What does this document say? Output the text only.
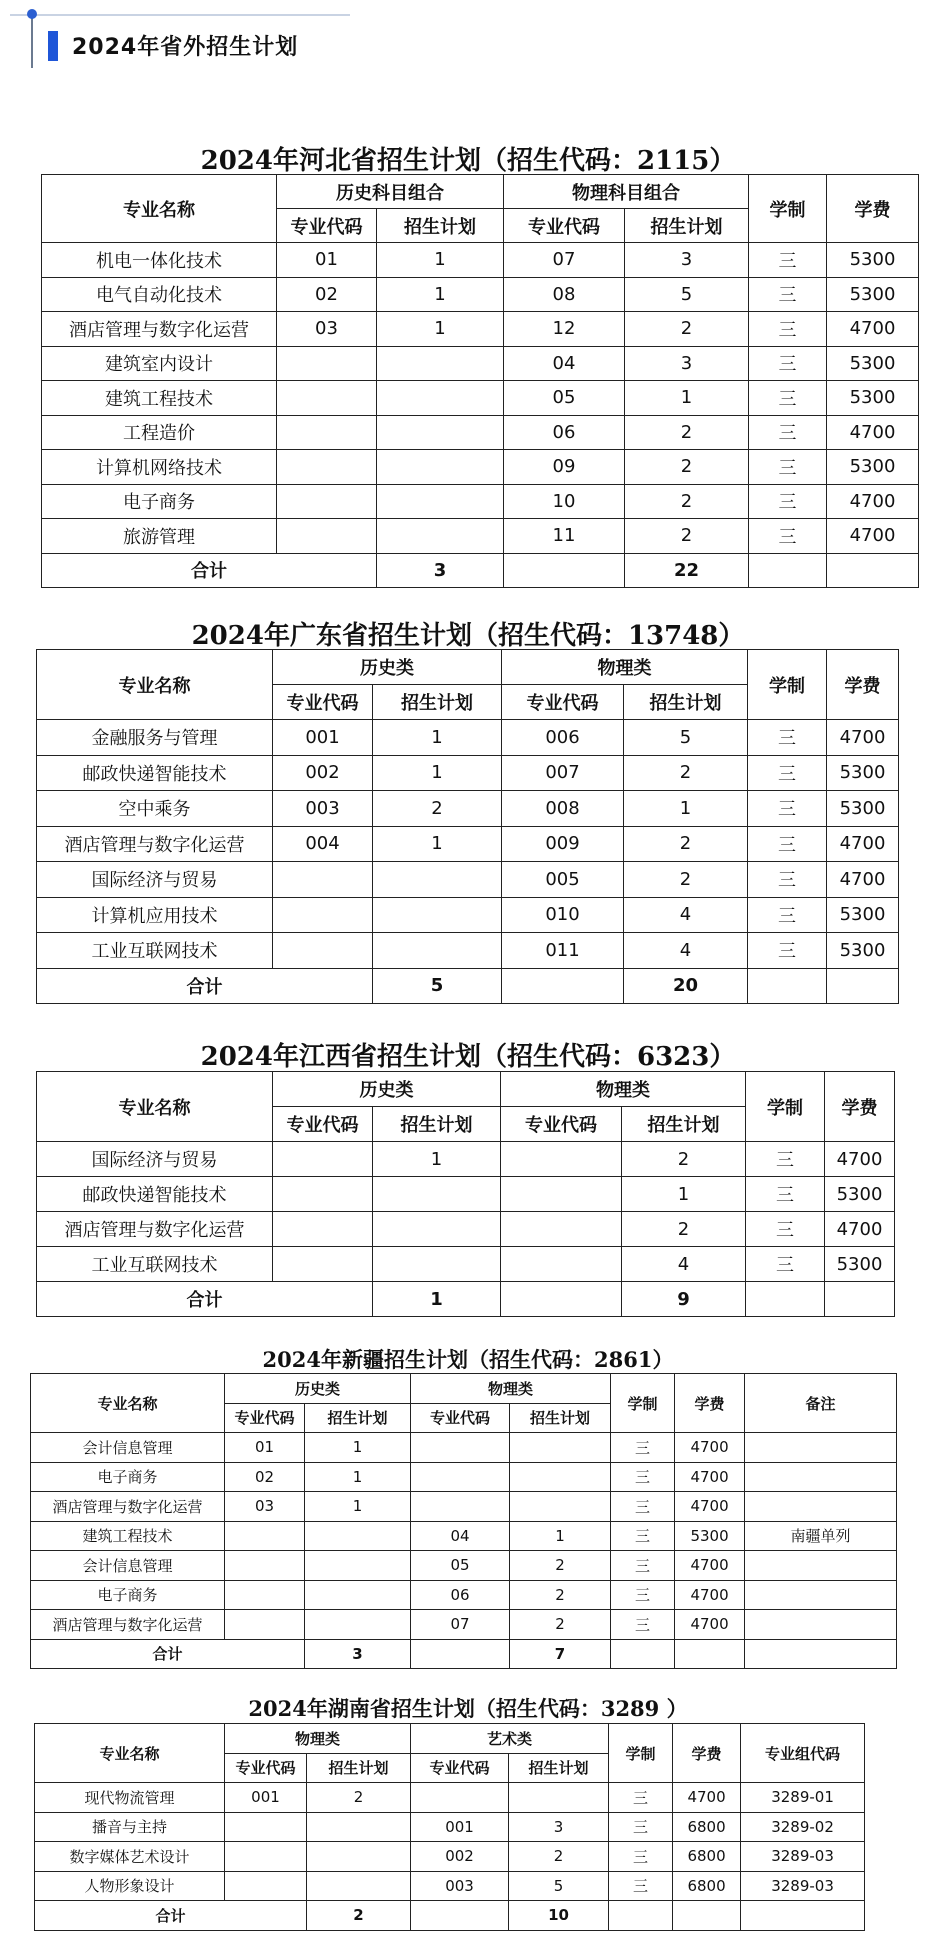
2024年省外招生计划
2024年河北省招生计划（招生代码：2115）
专业名称	历史科目组合		物理科目组合		学制	学费
	专业代码	招生计划	专业代码	招生计划		
机电一体化技术	01	1	07	3	三	5300
电气自动化技术	02	1	08	5	三	5300
酒店管理与数字化运营	03	1	12	2	三	4700
建筑室内设计			04	3	三	5300
建筑工程技术			05	1	三	5300
工程造价			06	2	三	4700
计算机网络技术			09	2	三	5300
电子商务			10	2	三	4700
旅游管理			11	2	三	4700
合计		3		22		
2024年广东省招生计划（招生代码：13748）
专业名称	历史类		物理类		学制	学费
	专业代码	招生计划	专业代码	招生计划		
金融服务与管理	001	1	006	5	三	4700
邮政快递智能技术	002	1	007	2	三	5300
空中乘务	003	2	008	1	三	5300
酒店管理与数字化运营	004	1	009	2	三	4700
国际经济与贸易			005	2	三	4700
计算机应用技术			010	4	三	5300
工业互联网技术			011	4	三	5300
合计		5		20		
2024年江西省招生计划（招生代码：6323）
专业名称	历史类		物理类		学制	学费
	专业代码	招生计划	专业代码	招生计划		
国际经济与贸易		1		2	三	4700
邮政快递智能技术				1	三	5300
酒店管理与数字化运营				2	三	4700
工业互联网技术				4	三	5300
合计		1		9		
2024年新疆招生计划（招生代码：2861）
专业名称	历史类		物理类		学制	学费	备注
	专业代码	招生计划	专业代码	招生计划			
会计信息管理	01	1			三	4700	
电子商务	02	1			三	4700	
酒店管理与数字化运营	03	1			三	4700	
建筑工程技术			04	1	三	5300	南疆单列
会计信息管理			05	2	三	4700	
电子商务			06	2	三	4700	
酒店管理与数字化运营			07	2	三	4700	
合计		3		7			
2024年湖南省招生计划（招生代码：3289 ）
专业名称	物理类		艺术类		学制	学费	专业组代码
	专业代码	招生计划	专业代码	招生计划			
现代物流管理	001	2			三	4700	3289-01
播音与主持			001	3	三	6800	3289-02
数字媒体艺术设计			002	2	三	6800	3289-03
人物形象设计			003	5	三	6800	3289-03
合计		2		10			
